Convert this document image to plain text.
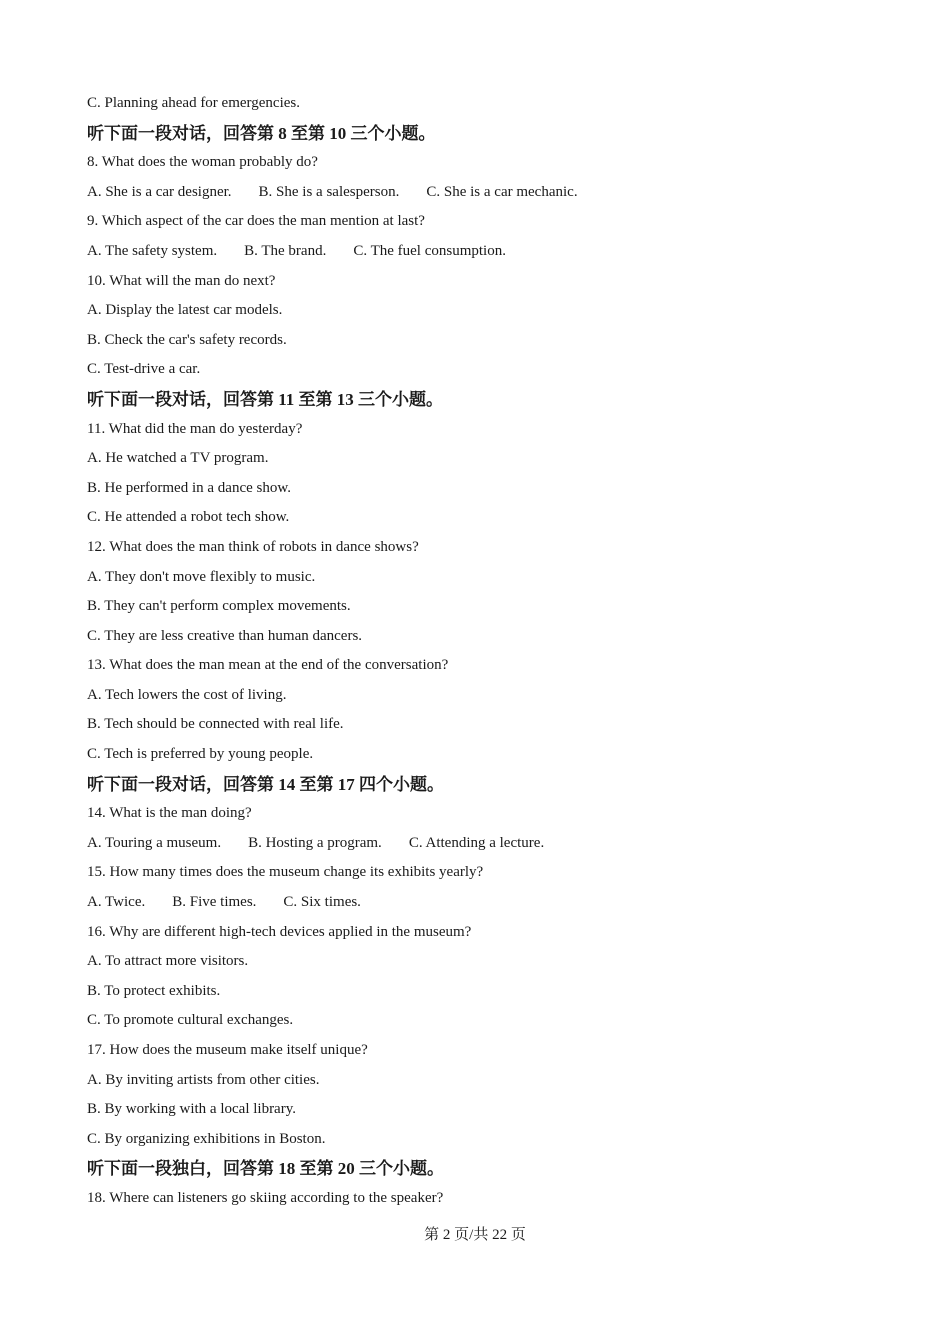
C. Planning ahead for emergencies.
听下面一段对话，回答第 8 至第 10 三个小题。
8. What does the woman probably do?
A. She is a car designer. B. She is a salesperson. C. She is a car mechanic.
9. Which aspect of the car does the man mention at last?
A. The safety system. B. The brand. C. The fuel consumption.
10. What will the man do next?
A. Display the latest car models.
B. Check the car's safety records.
C. Test-drive a car.
听下面一段对话，回答第 11 至第 13 三个小题。
11. What did the man do yesterday?
A. He watched a TV program.
B. He performed in a dance show.
C. He attended a robot tech show.
12. What does the man think of robots in dance shows?
A. They don't move flexibly to music.
B. They can't perform complex movements.
C. They are less creative than human dancers.
13. What does the man mean at the end of the conversation?
A. Tech lowers the cost of living.
B. Tech should be connected with real life.
C. Tech is preferred by young people.
听下面一段对话，回答第 14 至第 17 四个小题。
14. What is the man doing?
A. Touring a museum. B. Hosting a program. C. Attending a lecture.
15. How many times does the museum change its exhibits yearly?
A. Twice. B. Five times. C. Six times.
16. Why are different high-tech devices applied in the museum?
A. To attract more visitors.
B. To protect exhibits.
C. To promote cultural exchanges.
17. How does the museum make itself unique?
A. By inviting artists from other cities.
B. By working with a local library.
C. By organizing exhibitions in Boston.
听下面一段独白，回答第 18 至第 20 三个小题。
18. Where can listeners go skiing according to the speaker?
第 2 页/共 22 页
